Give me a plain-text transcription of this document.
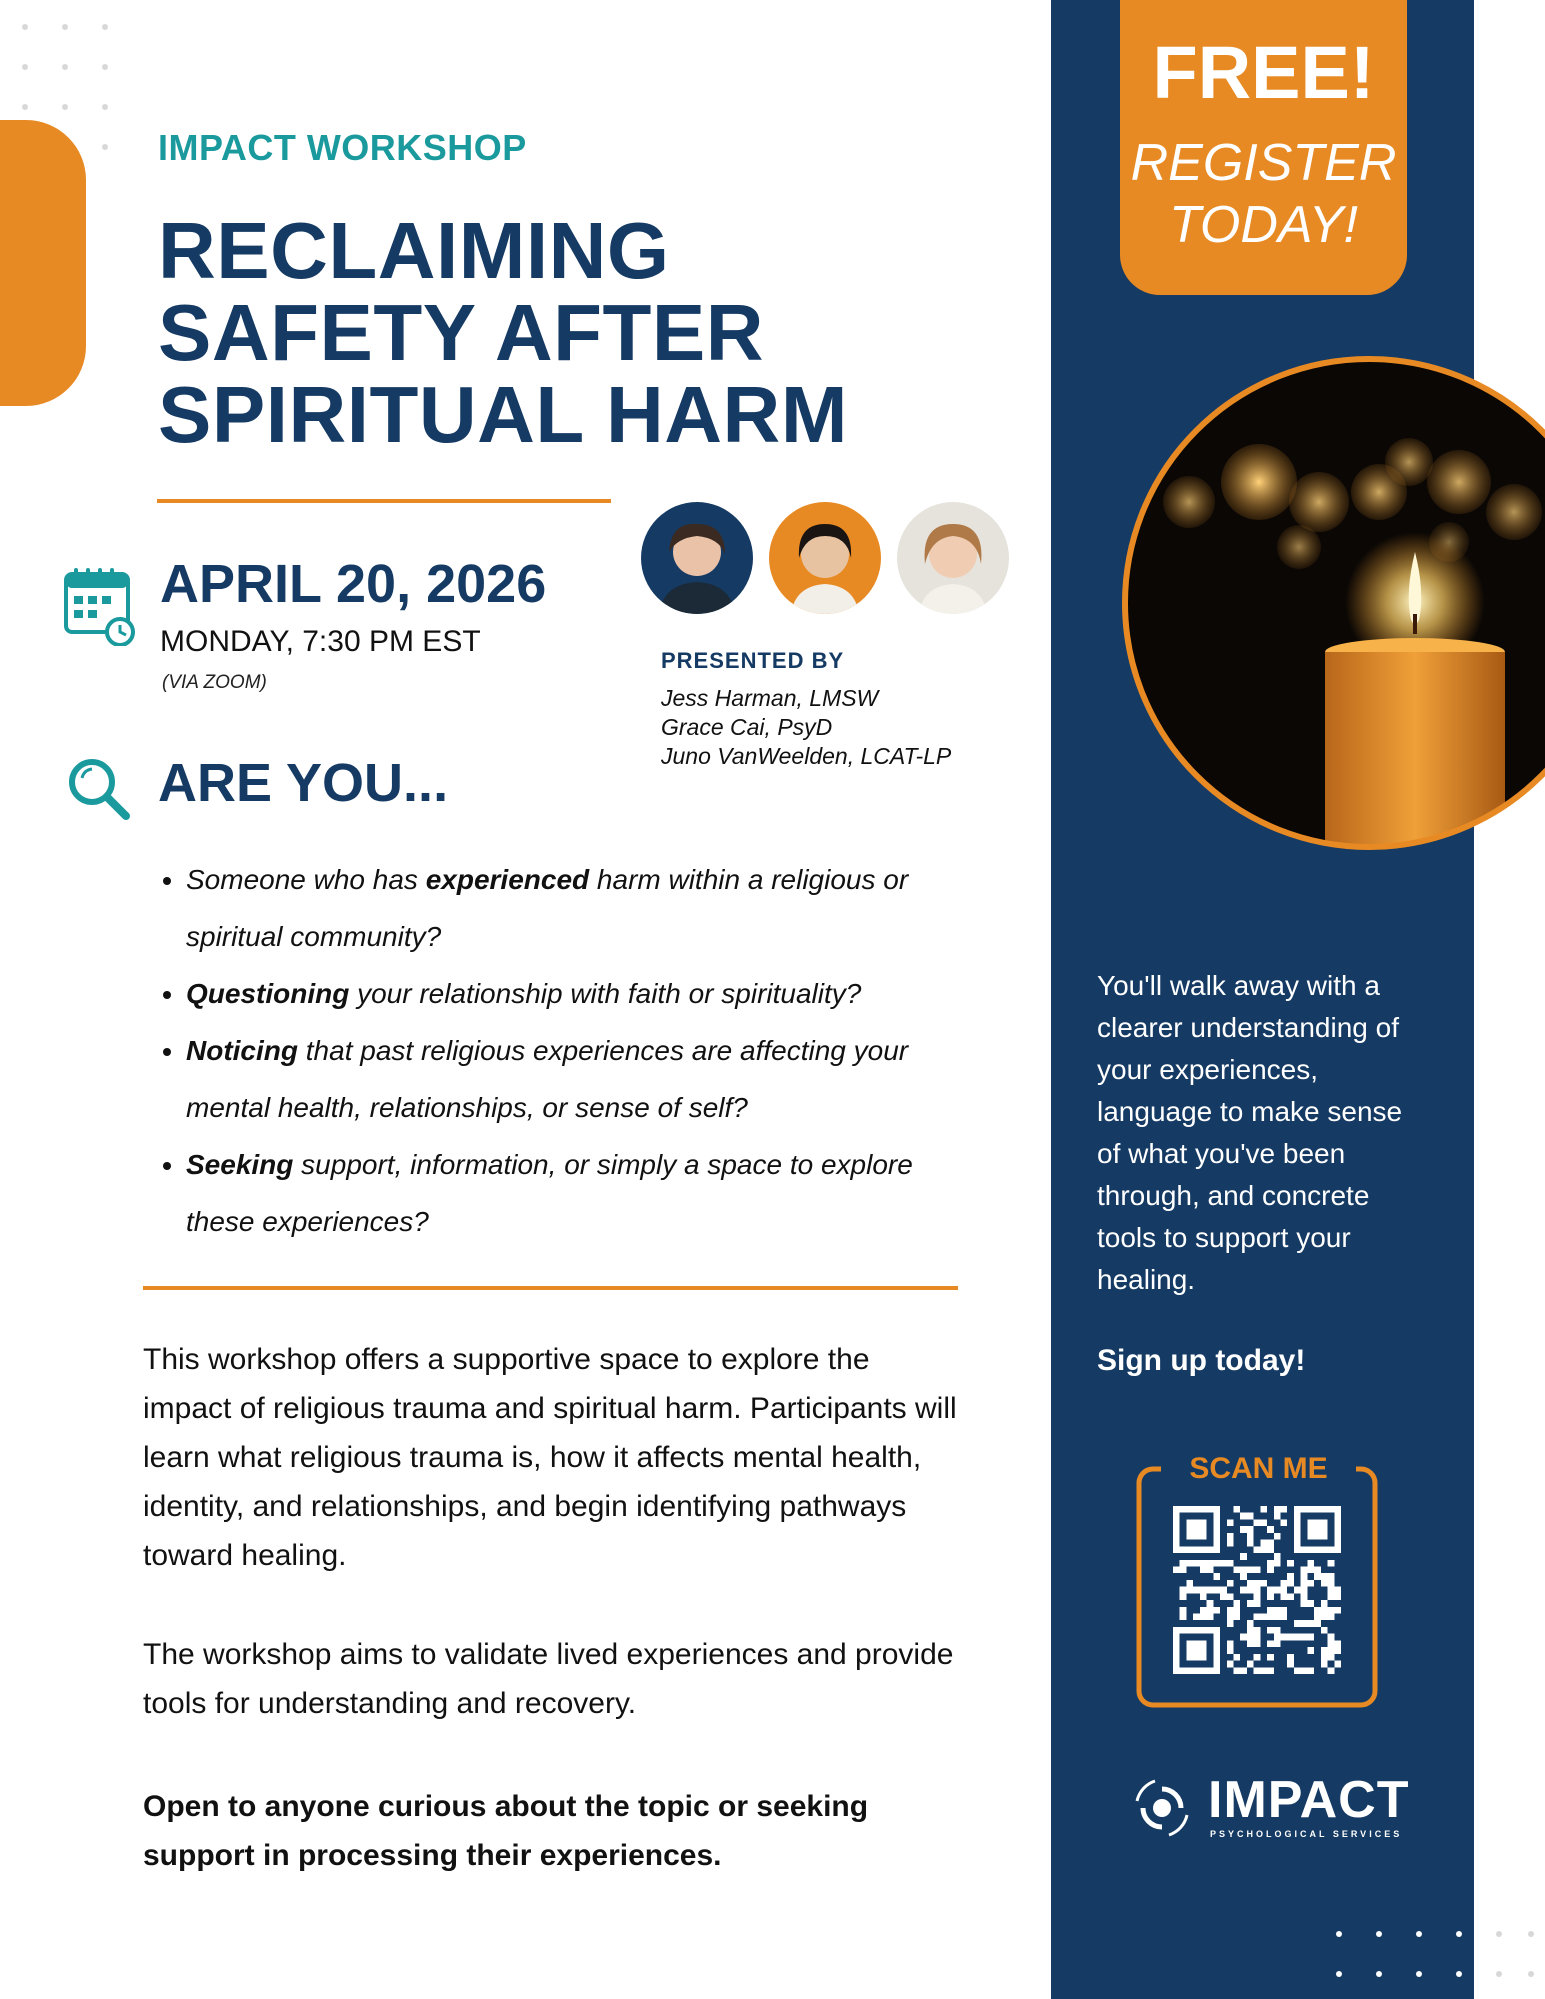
IMPACT WORKSHOP
RECLAIMING
SAFETY AFTER
SPIRITUAL HARM
APRIL 20, 2026
MONDAY, 7:30 PM EST
(VIA ZOOM)
PRESENTED BY
Jess Harman, LMSW
Grace Cai, PsyD
Juno VanWeelden, LCAT-LP
ARE YOU...
• Someone who has experienced harm within a religious or spiritual community?
• Questioning your relationship with faith or spirituality?
• Noticing that past religious experiences are affecting your mental health, relationships, or sense of self?
• Seeking support, information, or simply a space to explore these experiences?
This workshop offers a supportive space to explore the impact of religious trauma and spiritual harm. Participants will learn what religious trauma is, how it affects mental health, identity, and relationships, and begin identifying pathways toward healing.
The workshop aims to validate lived experiences and provide tools for understanding and recovery.
Open to anyone curious about the topic or seeking support in processing their experiences.
FREE!
REGISTER
TODAY!
You'll walk away with a clearer understanding of your experiences, language to make sense of what you've been through, and concrete tools to support your healing.
Sign up today!
SCAN ME
IMPACT
PSYCHOLOGICAL SERVICES
